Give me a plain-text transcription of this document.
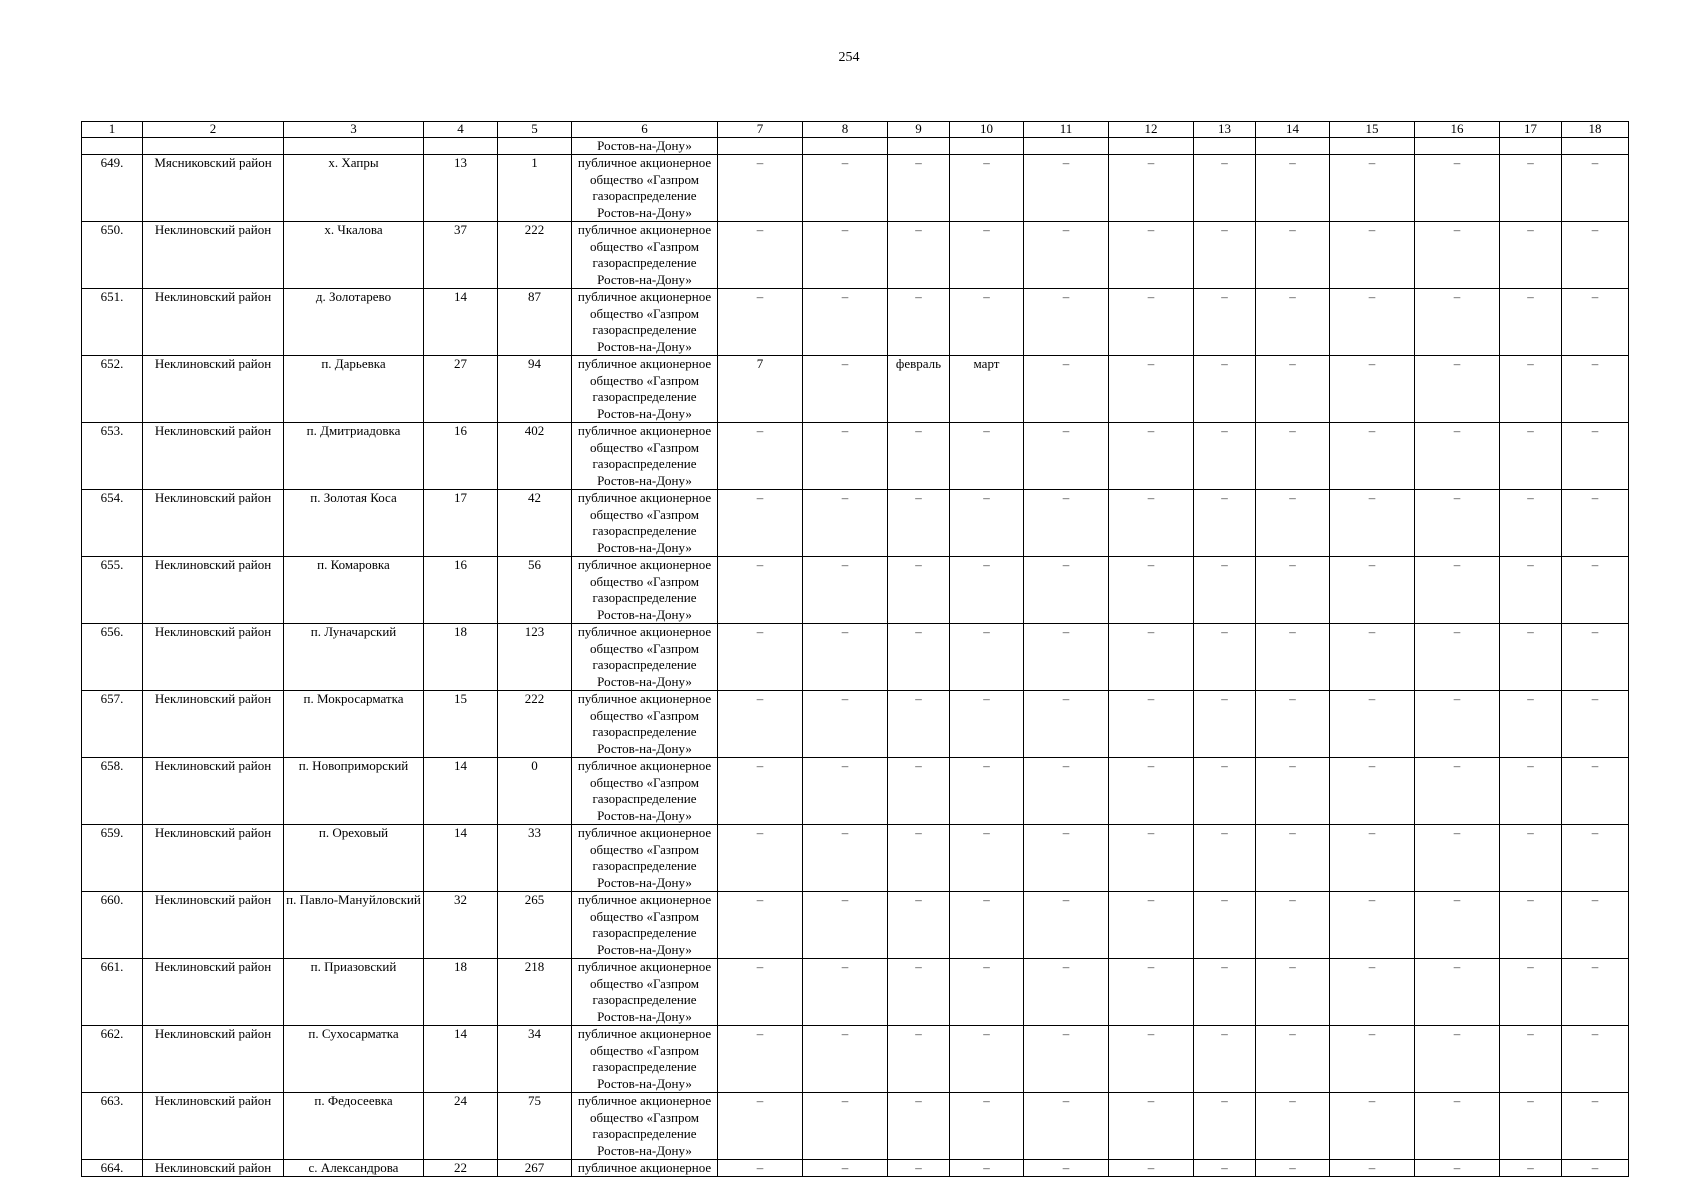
254
1	2	3	4	5	6	7	8	9	10	11	12	13	14	15	16	17	18
					Ростов-на-Дону»												
649.	Мясниковский район	х. Хапры	13	1	публичное акционерное
общество «Газпром
газораспределение
Ростов-на-Дону»	–	–	–	–	–	–	–	–	–	–	–	–
650.	Неклиновский район	х. Чкалова	37	222	публичное акционерное
общество «Газпром
газораспределение
Ростов-на-Дону»	–	–	–	–	–	–	–	–	–	–	–	–
651.	Неклиновский район	д. Золотарево	14	87	публичное акционерное
общество «Газпром
газораспределение
Ростов-на-Дону»	–	–	–	–	–	–	–	–	–	–	–	–
652.	Неклиновский район	п. Дарьевка	27	94	публичное акционерное
общество «Газпром
газораспределение
Ростов-на-Дону»	7	–	февраль	март	–	–	–	–	–	–	–	–
653.	Неклиновский район	п. Дмитриадовка	16	402	публичное акционерное
общество «Газпром
газораспределение
Ростов-на-Дону»	–	–	–	–	–	–	–	–	–	–	–	–
654.	Неклиновский район	п. Золотая Коса	17	42	публичное акционерное
общество «Газпром
газораспределение
Ростов-на-Дону»	–	–	–	–	–	–	–	–	–	–	–	–
655.	Неклиновский район	п. Комаровка	16	56	публичное акционерное
общество «Газпром
газораспределение
Ростов-на-Дону»	–	–	–	–	–	–	–	–	–	–	–	–
656.	Неклиновский район	п. Луначарский	18	123	публичное акционерное
общество «Газпром
газораспределение
Ростов-на-Дону»	–	–	–	–	–	–	–	–	–	–	–	–
657.	Неклиновский район	п. Мокросарматка	15	222	публичное акционерное
общество «Газпром
газораспределение
Ростов-на-Дону»	–	–	–	–	–	–	–	–	–	–	–	–
658.	Неклиновский район	п. Новоприморский	14	0	публичное акционерное
общество «Газпром
газораспределение
Ростов-на-Дону»	–	–	–	–	–	–	–	–	–	–	–	–
659.	Неклиновский район	п. Ореховый	14	33	публичное акционерное
общество «Газпром
газораспределение
Ростов-на-Дону»	–	–	–	–	–	–	–	–	–	–	–	–
660.	Неклиновский район	п. Павло-Мануйловский	32	265	публичное акционерное
общество «Газпром
газораспределение
Ростов-на-Дону»	–	–	–	–	–	–	–	–	–	–	–	–
661.	Неклиновский район	п. Приазовский	18	218	публичное акционерное
общество «Газпром
газораспределение
Ростов-на-Дону»	–	–	–	–	–	–	–	–	–	–	–	–
662.	Неклиновский район	п. Сухосарматка	14	34	публичное акционерное
общество «Газпром
газораспределение
Ростов-на-Дону»	–	–	–	–	–	–	–	–	–	–	–	–
663.	Неклиновский район	п. Федосеевка	24	75	публичное акционерное
общество «Газпром
газораспределение
Ростов-на-Дону»	–	–	–	–	–	–	–	–	–	–	–	–
664.	Неклиновский район	с. Александрова	22	267	публичное акционерное	–	–	–	–	–	–	–	–	–	–	–	–
